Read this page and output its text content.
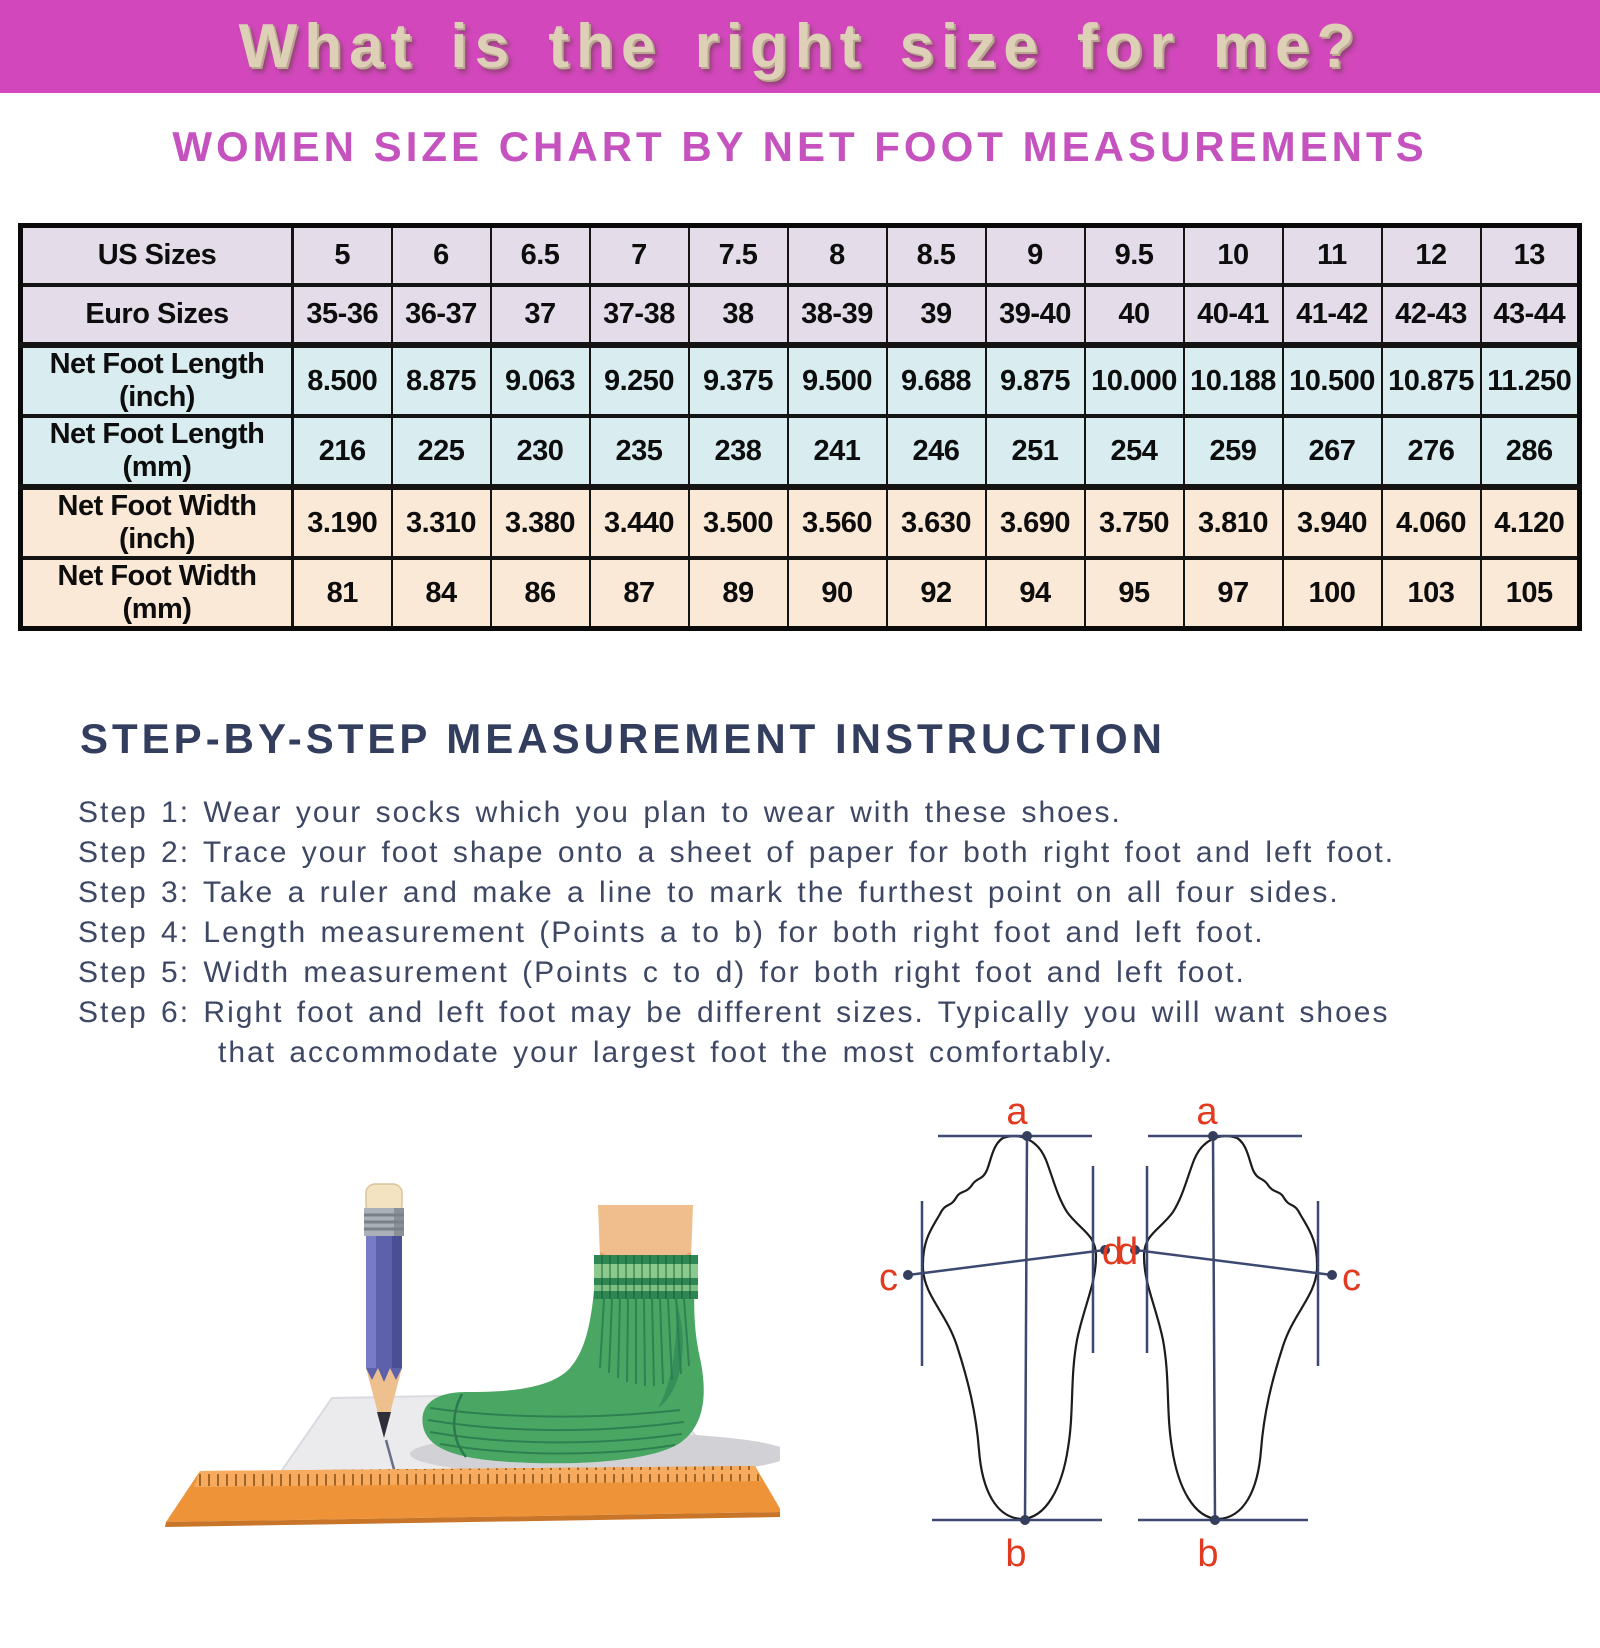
What is the right size for me?
WOMEN SIZE CHART BY NET FOOT MEASUREMENTS
US Sizes	5	6	6.5	7	7.5	8	8.5	9	9.5	10	11	12	13
Euro Sizes	35-36	36-37	37	37-38	38	38-39	39	39-40	40	40-41	41-42	42-43	43-44
Net Foot Length (inch)	8.500	8.875	9.063	9.250	9.375	9.500	9.688	9.875	10.000	10.188	10.500	10.875	11.250
Net Foot Length (mm)	216	225	230	235	238	241	246	251	254	259	267	276	286
Net Foot Width (inch)	3.190	3.310	3.380	3.440	3.500	3.560	3.630	3.690	3.750	3.810	3.940	4.060	4.120
Net Foot Width (mm)	81	84	86	87	89	90	92	94	95	97	100	103	105
STEP-BY-STEP MEASUREMENT INSTRUCTION
Step 1: Wear your socks which you plan to wear with these shoes.
Step 2: Trace your foot shape onto a sheet of paper for both right foot and left foot.
Step 3: Take a ruler and make a line to mark the furthest point on all four sides.
Step 4: Length measurement (Points a to b) for both right foot and left foot.
Step 5: Width measurement (Points c to d) for both right foot and left foot.
Step 6: Right foot and left foot may be different sizes. Typically you will want shoes
that accommodate your largest foot the most comfortably.
a
b
c
d
a
b
d
c
